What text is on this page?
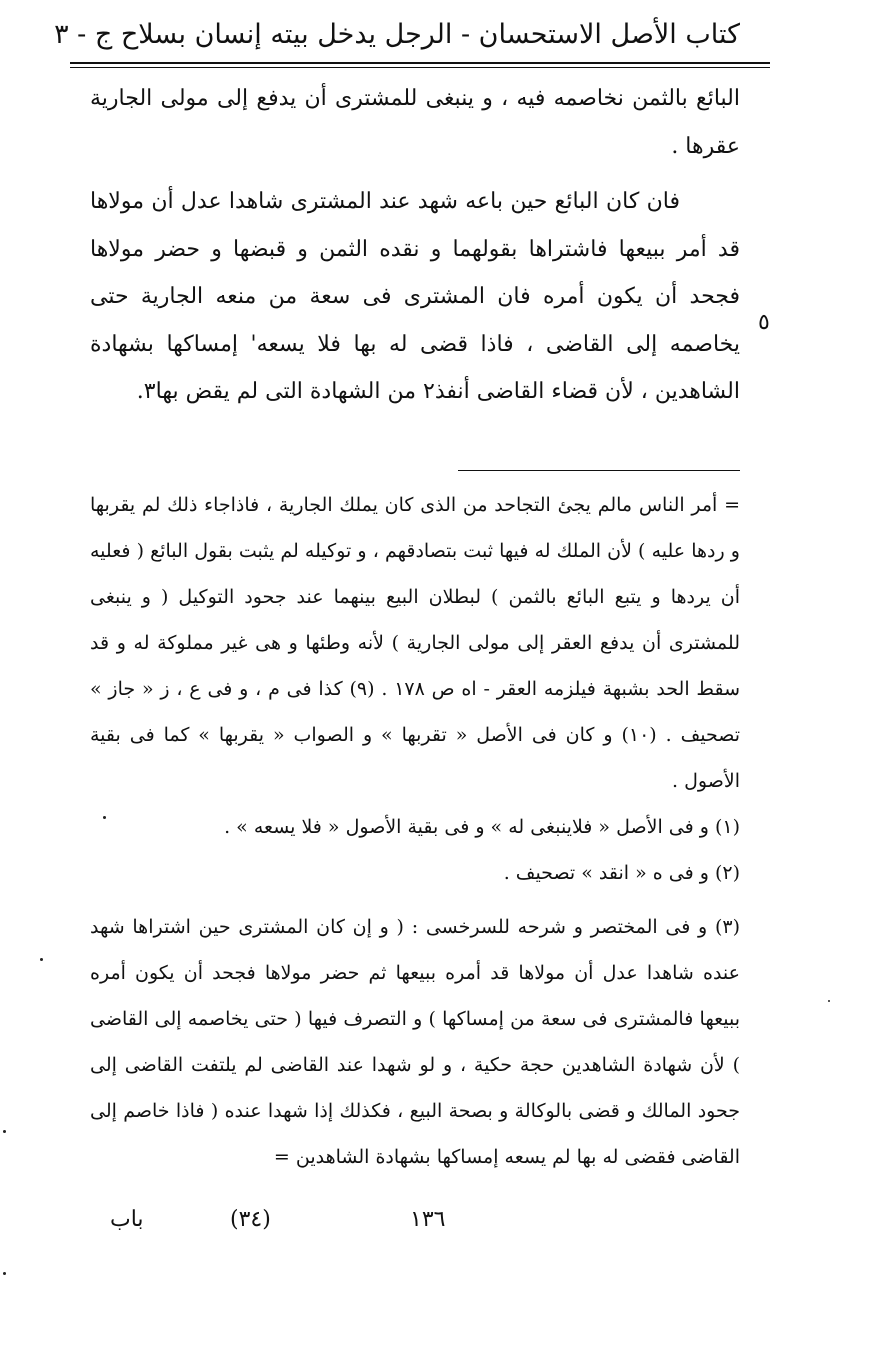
كتاب الأصل الاستحسان - الرجل يدخل بيته إنسان بسلاح ج - ٣

البائع بالثمن نخاصمه فيه ، و ينبغى للمشترى أن يدفع إلى مولى الجارية عقرها .

فان كان البائع حين باعه شهد عند المشترى شاهدا عدل أن مولاها قد أمر ببيعها فاشتراها بقولهما و نقده الثمن و قبضها و حضر مولاها فجحد أن يكون أمره فان المشترى فى سعة من منعه الجارية حتى يخاصمه إلى القاضى ، فاذا قضى له بها فلا يسعه' إمساكها بشهادة الشاهدين ، لأن قضاء القاضى أنفذ٢ من الشهادة التى لم يقض بها٣.

٥

= أمر الناس مالم يجئ التجاحد من الذى كان يملك الجارية ، فاذاجاء ذلك لم يقربها و ردها عليه ) لأن الملك له فيها ثبت بتصادقهم ، و توكيله لم يثبت بقول البائع ( فعليه أن يردها و يتبع البائع بالثمن ) لبطلان البيع بينهما عند جحود التوكيل ( و ينبغى للمشترى أن يدفع العقر إلى مولى الجارية ) لأنه وطئها و هى غير مملوكة له و قد سقط الحد بشبهة فيلزمه العقر - اه ص ١٧٨ . (٩) كذا فى م ، و فى ع ، ز « جاز » تصحيف . (١٠) و كان فى الأصل « تقربها » و الصواب « يقربها » كما فى بقية الأصول .

(١) و فى الأصل « فلاينبغى له » و فى بقية الأصول « فلا يسعه » .

(٢) و فى ه « انقد » تصحيف .

(٣) و فى المختصر و شرحه للسرخسى : ( و إن كان المشترى حين اشتراها شهد عنده شاهدا عدل أن مولاها قد أمره ببيعها ثم حضر مولاها فجحد أن يكون أمره ببيعها فالمشترى فى سعة من إمساكها ) و التصرف فيها ( حتى يخاصمه إلى القاضى ) لأن شهادة الشاهدين حجة حكية ، و لو شهدا عند القاضى لم يلتفت القاضى إلى جحود المالك و قضى بالوكالة و بصحة البيع ، فكذلك إذا شهدا عنده ( فاذا خاصم إلى القاضى فقضى له بها لم يسعه إمساكها بشهادة الشاهدين =

١٣٦
(٣٤)
باب
